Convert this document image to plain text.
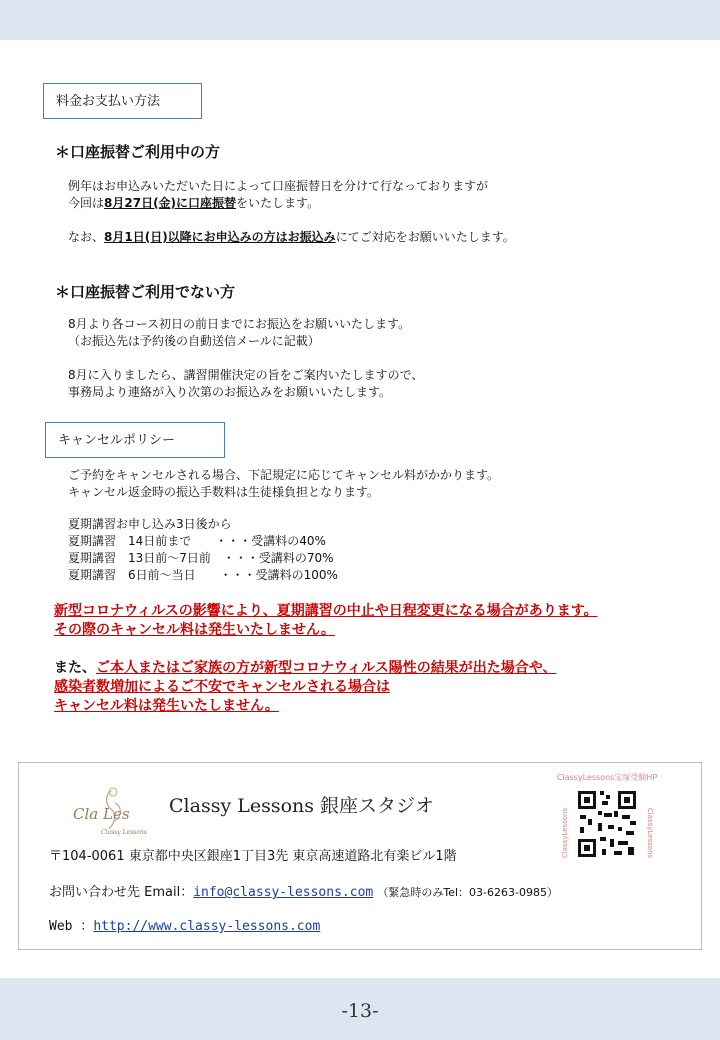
料金お支払い方法
＊口座振替ご利用中の方
例年はお申込みいただいた日によって口座振替日を分けて行なっておりますが
今回は8月27日(金)に口座振替をいたします。
なお、8月1日(日)以降にお申込みの方はお振込みにてご対応をお願いいたします。
＊口座振替ご利用でない方
8月より各コース初日の前日までにお振込をお願いいたします。
（お振込先は予約後の自動送信メールに記載）
8月に入りましたら、講習開催決定の旨をご案内いたしますので、
事務局より連絡が入り次第のお振込みをお願いいたします。
キャンセルポリシー
ご予約をキャンセルされる場合、下記規定に応じてキャンセル料がかかります。
キャンセル返金時の振込手数料は生徒様負担となります。
夏期講習お申し込み3日後から
夏期講習　14日前まで　　・・・受講料の40%
夏期講習　13日前～7日前　・・・受講料の70%
夏期講習　6日前～当日　　・・・受講料の100%
新型コロナウィルスの影響により、夏期講習の中止や日程変更になる場合があります。
その際のキャンセル料は発生いたしません。
また、ご本人またはご家族の方が新型コロナウィルス陽性の結果が出た場合や、
感染者数増加によるご不安でキャンセルされる場合は
キャンセル料は発生いたしません。
Cla Les
Classy Lessons
Classy Lessons 銀座スタジオ
ClassyLessons宝塚受験HP
ClassyLessons	ClassyLessons
〒104-0061 東京都中央区銀座1丁目3先 東京高速道路北有楽ビル1階
お問い合わせ先 Email：info@classy-lessons.com （緊急時のみTel：03-6263-0985）
Web ：http://www.classy-lessons.com
-13-
